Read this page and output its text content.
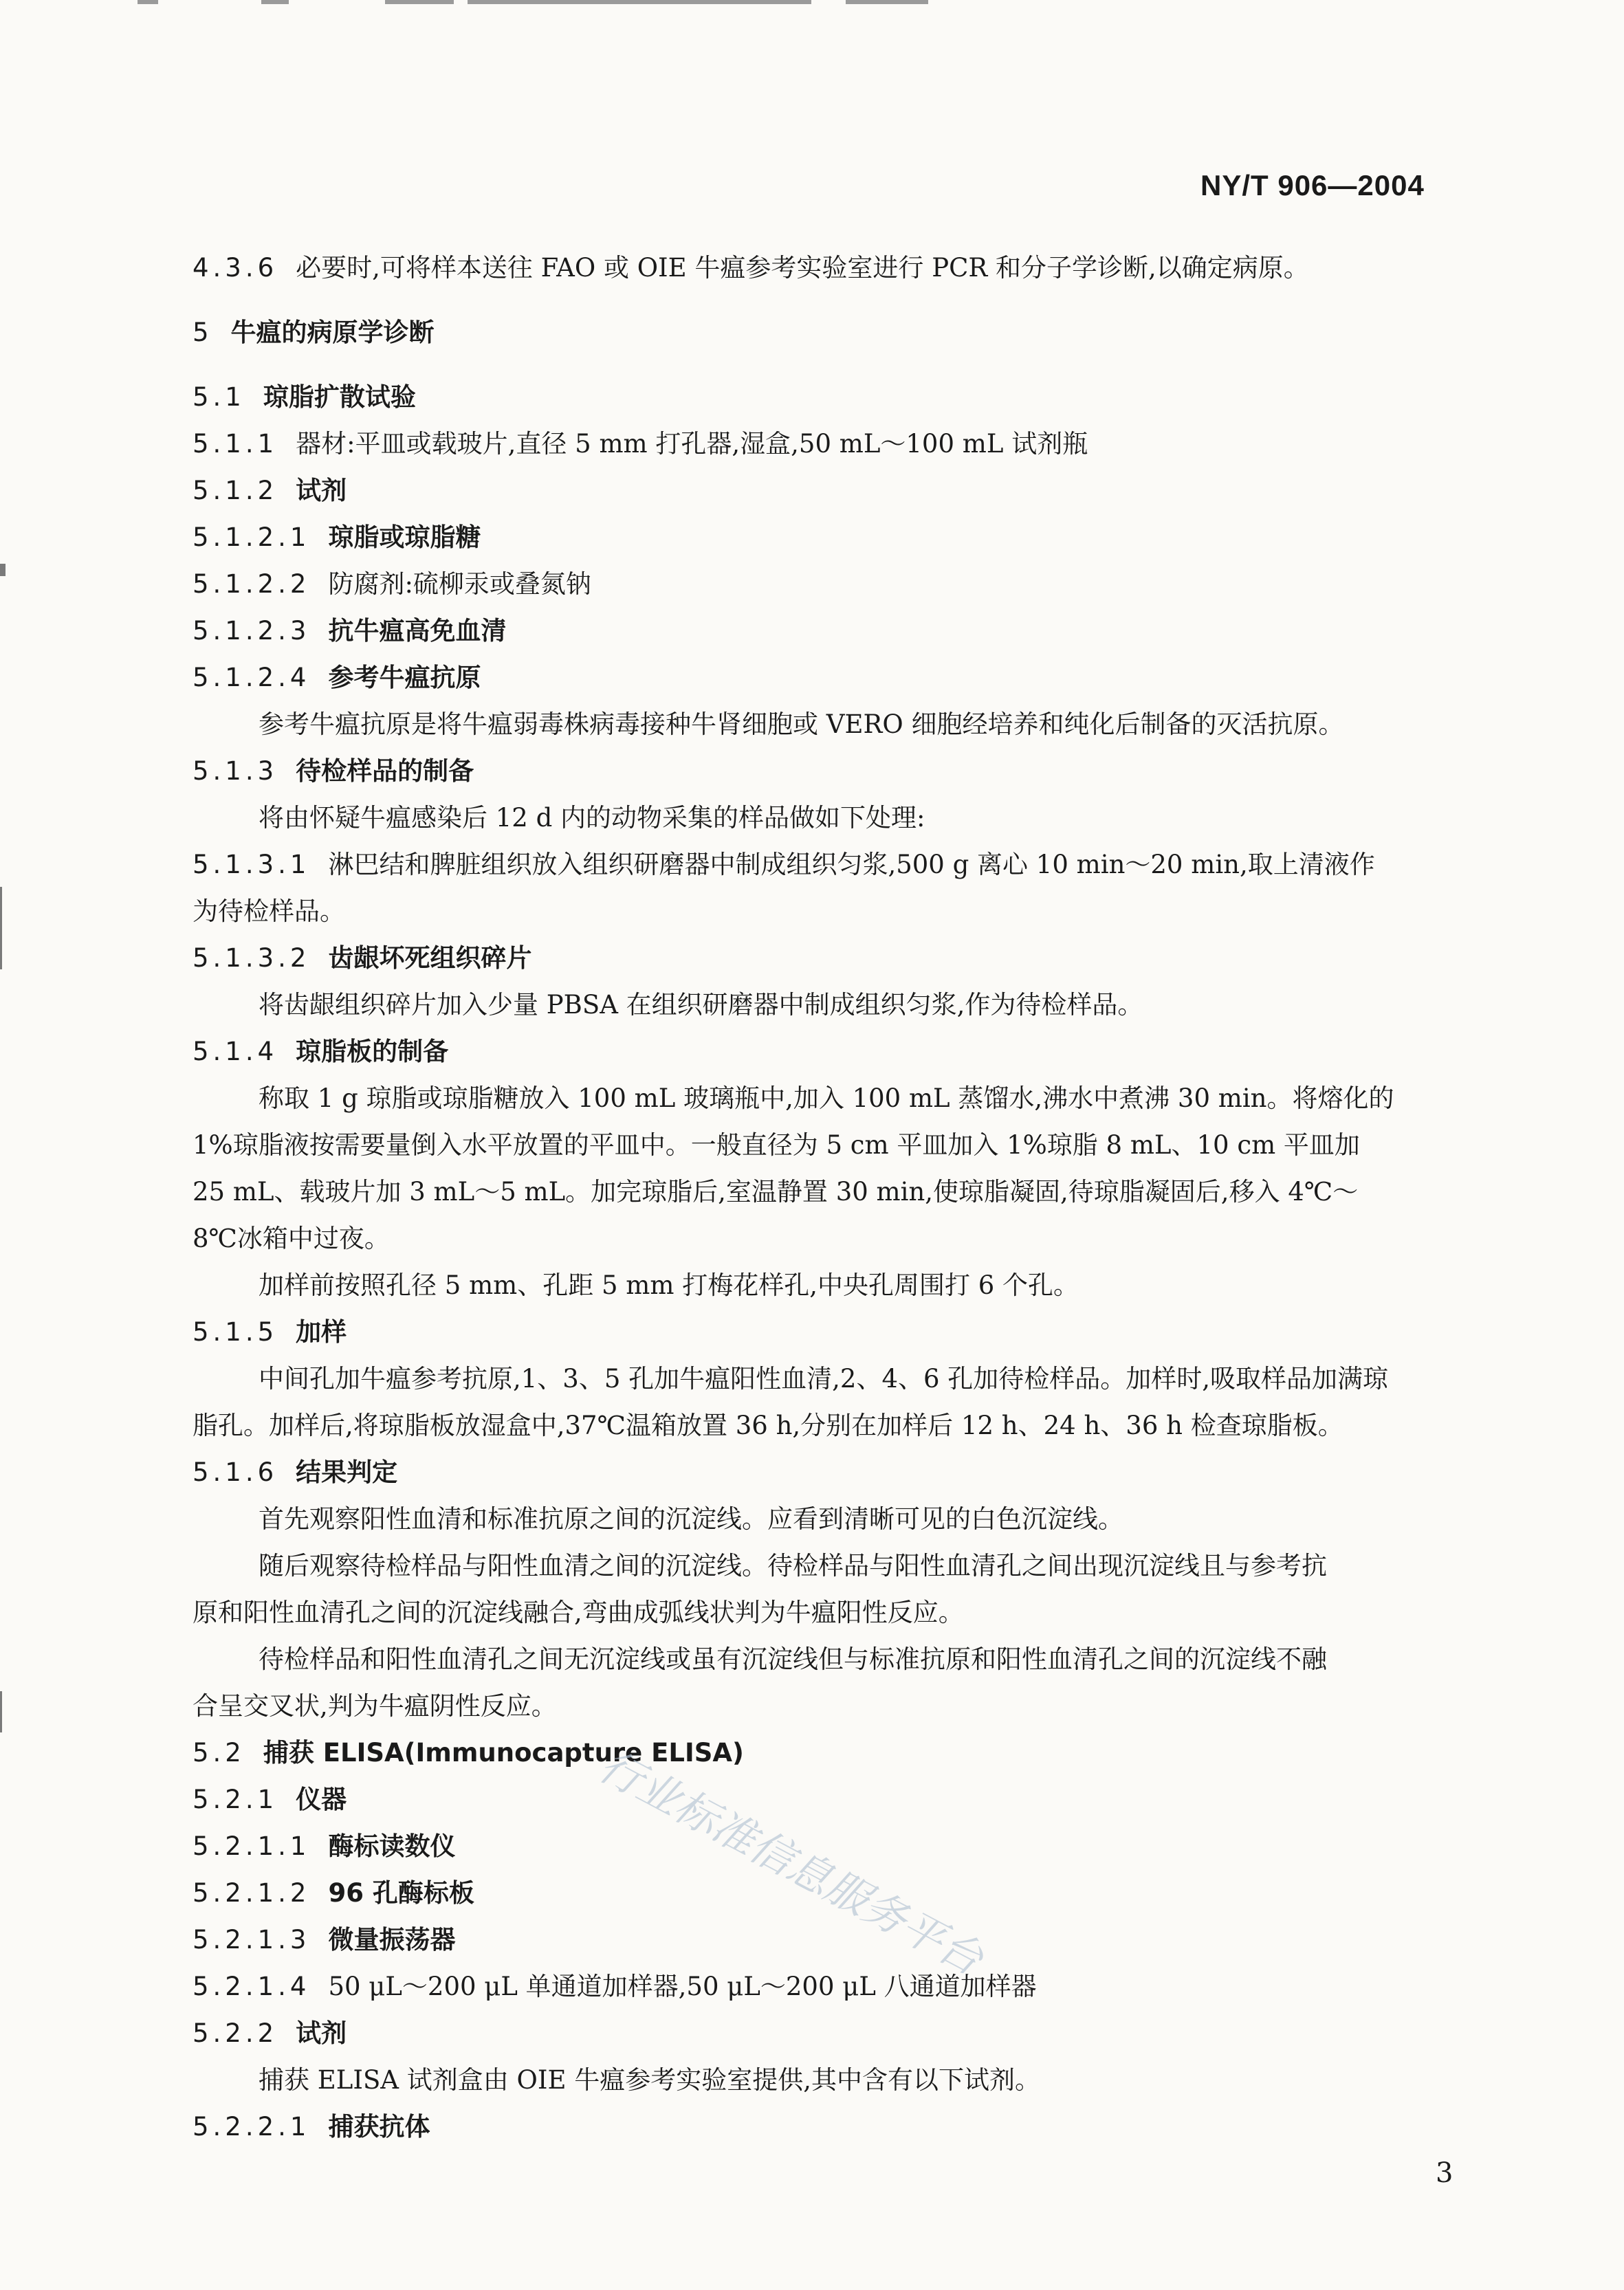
NY/T 906—2004
4.3.6 必要时,可将样本送往 FAO 或 OIE 牛瘟参考实验室进行 PCR 和分子学诊断,以确定病原。
5 牛瘟的病原学诊断
5.1 琼脂扩散试验
5.1.1 器材:平皿或载玻片,直径 5 mm 打孔器,湿盒,50 mL～100 mL 试剂瓶
5.1.2 试剂
5.1.2.1 琼脂或琼脂糖
5.1.2.2 防腐剂:硫柳汞或叠氮钠
5.1.2.3 抗牛瘟高免血清
5.1.2.4 参考牛瘟抗原
参考牛瘟抗原是将牛瘟弱毒株病毒接种牛肾细胞或 VERO 细胞经培养和纯化后制备的灭活抗原。
5.1.3 待检样品的制备
将由怀疑牛瘟感染后 12 d 内的动物采集的样品做如下处理:
5.1.3.1 淋巴结和脾脏组织放入组织研磨器中制成组织匀浆,500 g 离心 10 min～20 min,取上清液作
为待检样品。
5.1.3.2 齿龈坏死组织碎片
将齿龈组织碎片加入少量 PBSA 在组织研磨器中制成组织匀浆,作为待检样品。
5.1.4 琼脂板的制备
称取 1 g 琼脂或琼脂糖放入 100 mL 玻璃瓶中,加入 100 mL 蒸馏水,沸水中煮沸 30 min。将熔化的
1%琼脂液按需要量倒入水平放置的平皿中。一般直径为 5 cm 平皿加入 1%琼脂 8 mL、10 cm 平皿加
25 mL、载玻片加 3 mL～5 mL。加完琼脂后,室温静置 30 min,使琼脂凝固,待琼脂凝固后,移入 4℃～
8℃冰箱中过夜。
加样前按照孔径 5 mm、孔距 5 mm 打梅花样孔,中央孔周围打 6 个孔。
5.1.5 加样
中间孔加牛瘟参考抗原,1、3、5 孔加牛瘟阳性血清,2、4、6 孔加待检样品。加样时,吸取样品加满琼
脂孔。加样后,将琼脂板放湿盒中,37℃温箱放置 36 h,分别在加样后 12 h、24 h、36 h 检查琼脂板。
5.1.6 结果判定
首先观察阳性血清和标准抗原之间的沉淀线。应看到清晰可见的白色沉淀线。
随后观察待检样品与阳性血清之间的沉淀线。待检样品与阳性血清孔之间出现沉淀线且与参考抗
原和阳性血清孔之间的沉淀线融合,弯曲成弧线状判为牛瘟阳性反应。
待检样品和阳性血清孔之间无沉淀线或虽有沉淀线但与标准抗原和阳性血清孔之间的沉淀线不融
合呈交叉状,判为牛瘟阴性反应。
5.2 捕获 ELISA(Immunocapture ELISA)
5.2.1 仪器
5.2.1.1 酶标读数仪
5.2.1.2 96 孔酶标板
5.2.1.3 微量振荡器
5.2.1.4 50 μL～200 μL 单通道加样器,50 μL～200 μL 八通道加样器
5.2.2 试剂
捕获 ELISA 试剂盒由 OIE 牛瘟参考实验室提供,其中含有以下试剂。
5.2.2.1 捕获抗体
行业标准信息服务平台
3
